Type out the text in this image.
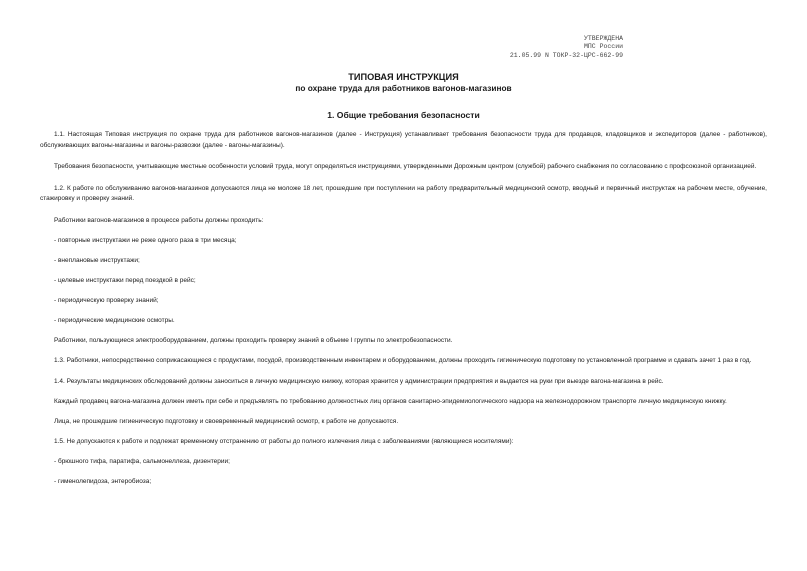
УТВЕРЖДЕНА
МПС России
21.05.99 N ТОКР-32-ЦРС-662-99
ТИПОВАЯ ИНСТРУКЦИЯ
по охране труда для работников вагонов-магазинов
1. Общие требования безопасности

1.1. Настоящая Типовая инструкция по охране труда для работников вагонов-магазинов (далее - Инструкция) устанавливает требования безопасности труда для продавцов, кладовщиков и экспедиторов (далее - работников), обслуживающих вагоны-магазины и вагоны-развозки (далее - вагоны-магазины).

Требования безопасности, учитывающие местные особенности условий труда, могут определяться инструкциями, утвержденными Дорожным центром (службой) рабочего снабжения по согласованию с профсоюзной организацией.

1.2. К работе по обслуживанию вагонов-магазинов допускаются лица не моложе 18 лет, прошедшие при поступлении на работу предварительный медицинский осмотр, вводный и первичный инструктаж на рабочем месте, обучение, стажировку и проверку знаний.

Работники вагонов-магазинов в процессе работы должны проходить:

- повторные инструктажи не реже одного раза в три месяца;

- внеплановые инструктажи;

- целевые инструктажи перед поездкой в рейс;

- периодическую проверку знаний;

- периодические медицинские осмотры.

Работники, пользующиеся электрооборудованием, должны проходить проверку знаний в объеме I группы по электробезопасности.

1.3. Работники, непосредственно соприкасающиеся с продуктами, посудой, производственным инвентарем и оборудованием, должны проходить гигиеническую подготовку по установленной программе и сдавать зачет 1 раз в год.

1.4. Результаты медицинских обследований должны заноситься в личную медицинскую книжку, которая хранится у администрации предприятия и выдается на руки при выезде вагона-магазина в рейс.

Каждый продавец вагона-магазина должен иметь при себе и предъявлять по требованию должностных лиц органов санитарно-эпидемиологического надзора на железнодорожном транспорте личную медицинскую книжку.

Лица, не прошедшие гигиеническую подготовку и своевременный медицинский осмотр, к работе не допускаются.

1.5. Не допускаются к работе и подлежат временному отстранению от работы до полного излечения лица с заболеваниями (являющиеся носителями):

- брюшного тифа, паратифа, сальмонеллеза, дизентерии;

- гименолепидоза, энтеробиоза;
